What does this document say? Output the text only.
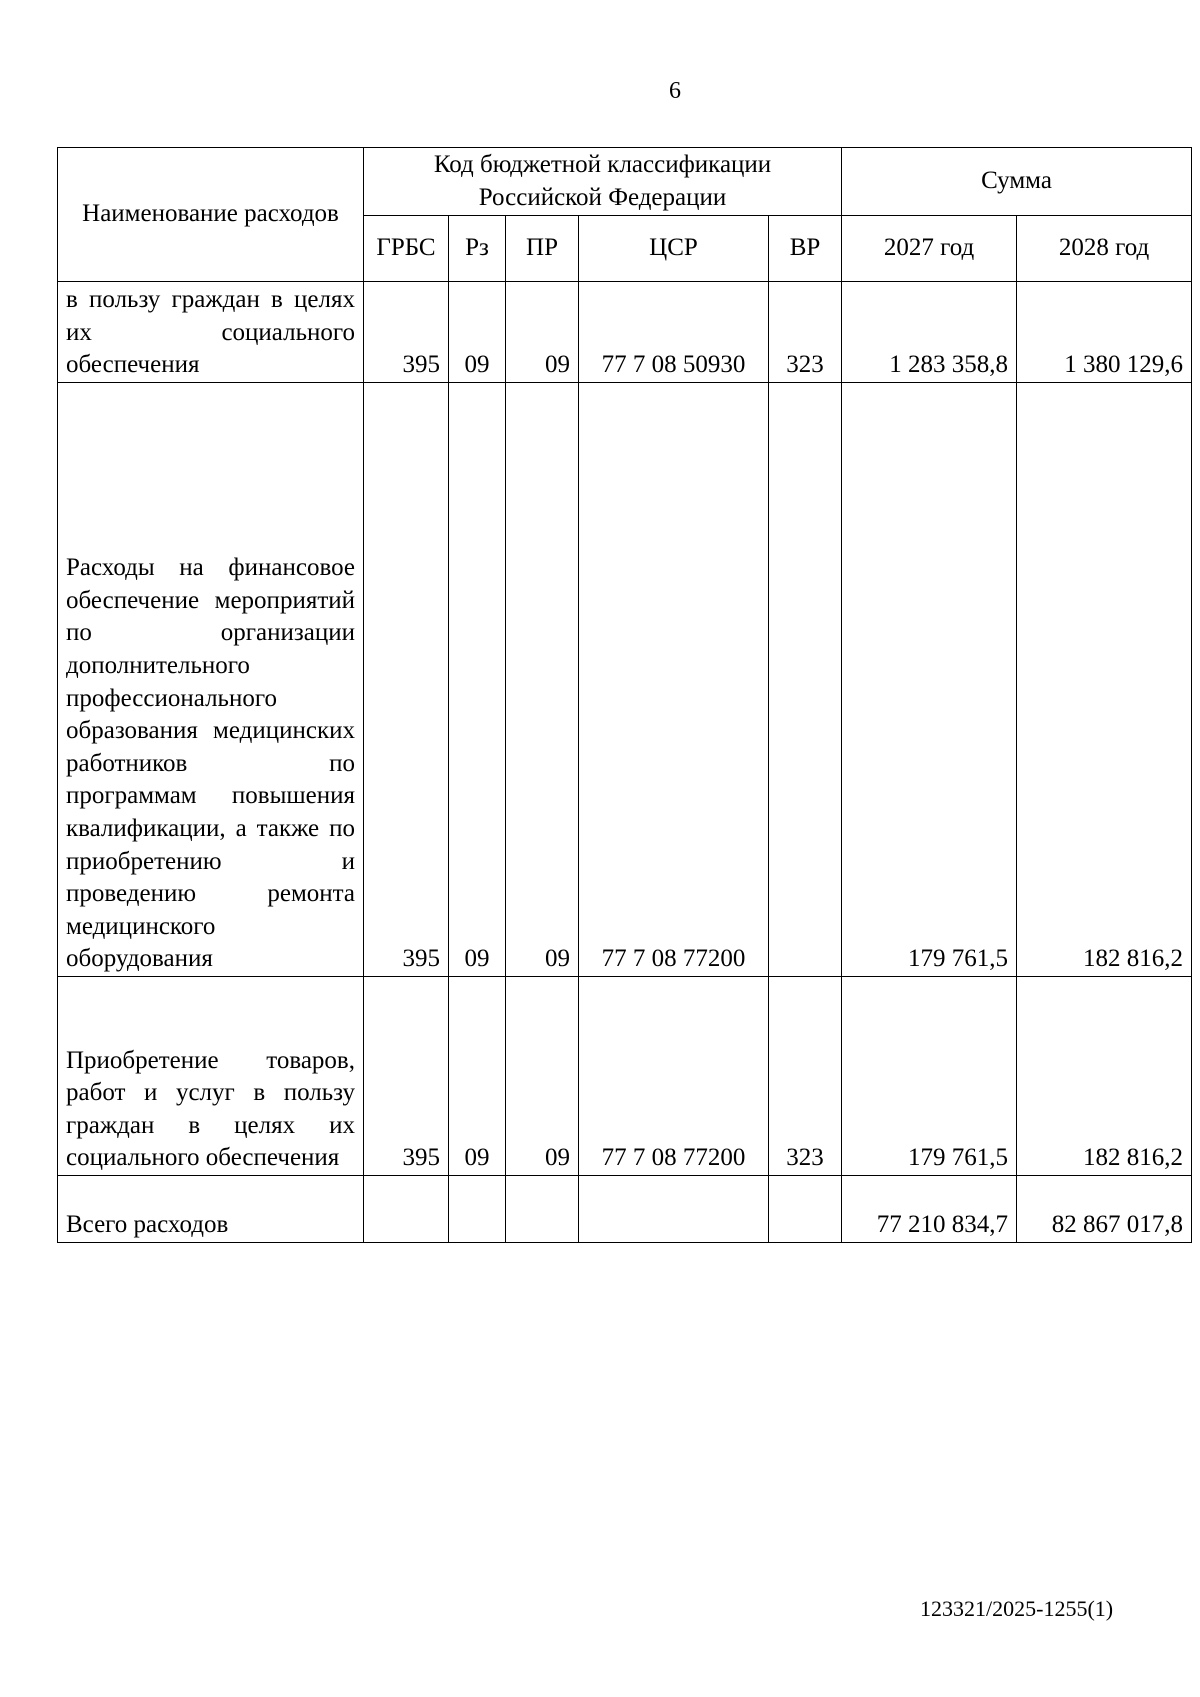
6
Наименование расходов	Код бюджетной классификации Российской Федерации					Сумма	
	ГРБС	Рз	ПР	ЦСР	ВР	2027 год	2028 год

в пользу граждан в целях их социального обеспечения	395	09	09	77 7 08 50930	323	1 283 358,8	1 380 129,6

Расходы на финансовое обеспечение мероприятий по организации дополнительного профессионального образования медицинских работников по программам повышения квалификации, а также по приобретению и проведению ремонта медицинского оборудования	395	09	09	77 7 08 77200		179 761,5	182 816,2

Приобретение товаров, работ и услуг в пользу граждан в целях их социального обеспечения	395	09	09	77 7 08 77200	323	179 761,5	182 816,2
Всего расходов						77 210 834,7	82 867 017,8
123321/2025-1255(1)
